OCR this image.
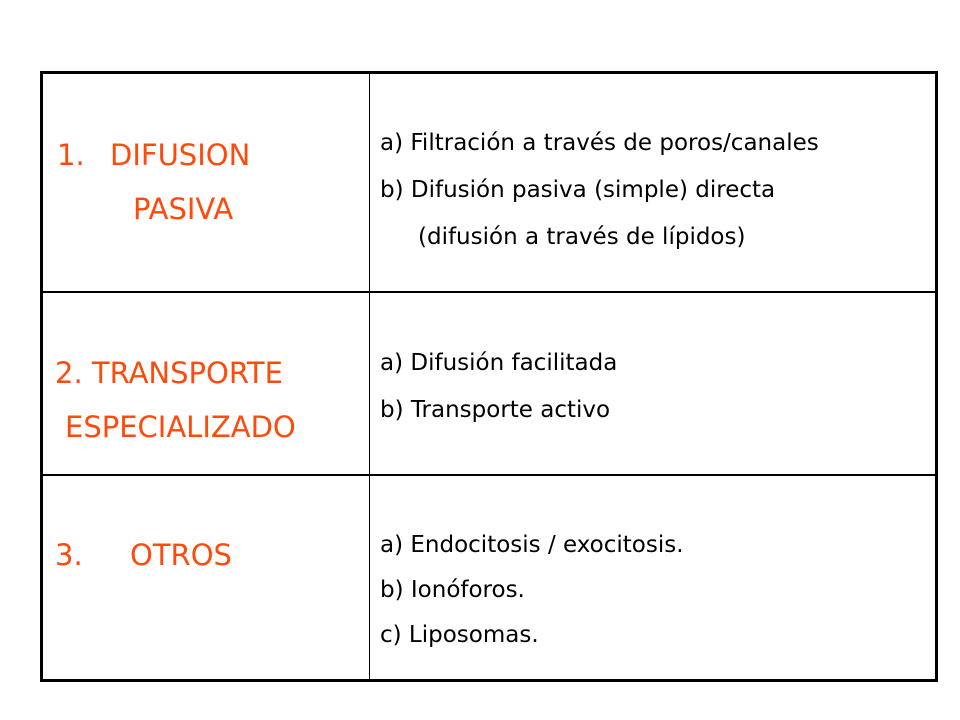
1. DIFUSION
PASIVA
a) Filtración a través de poros/canales
b) Difusión pasiva (simple) directa
(difusión a través de lípidos)
2. TRANSPORTE
ESPECIALIZADO
a) Difusión facilitada
b) Transporte activo
3. OTROS	a) Endocitosis / exocitosis.
b) Ionóforos.
c) Liposomas.
